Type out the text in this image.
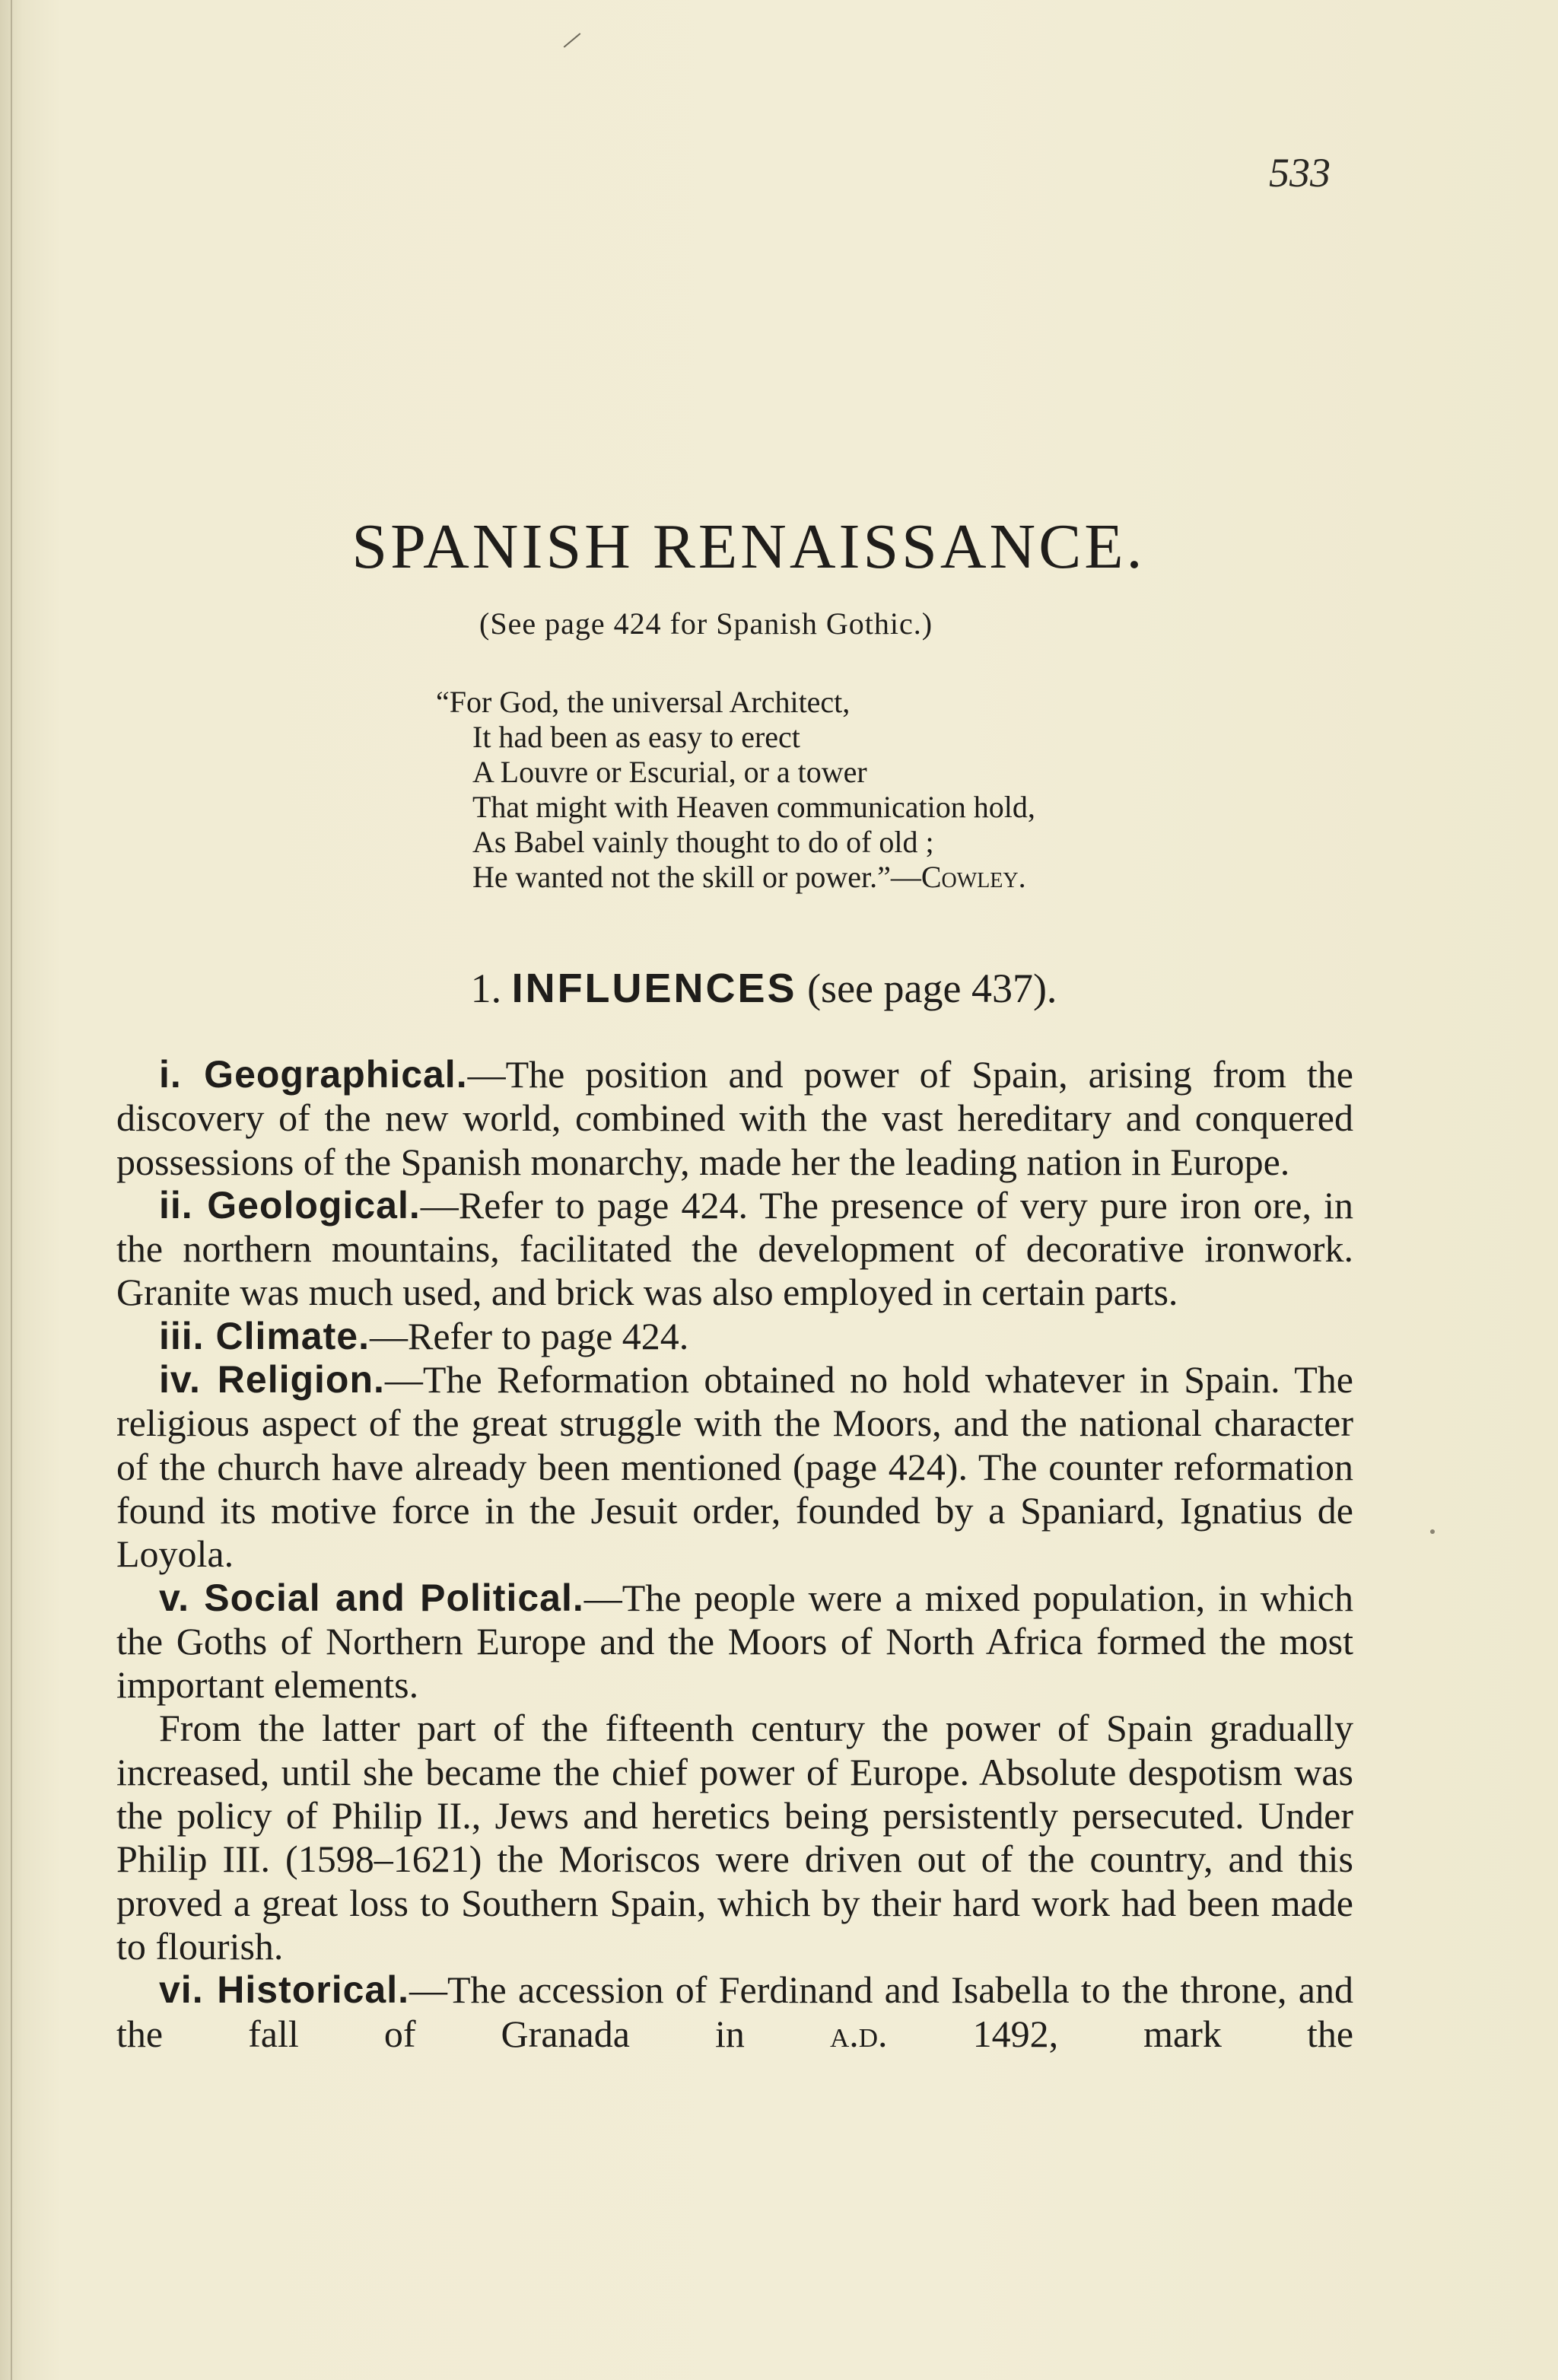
533
SPANISH RENAISSANCE.
(See page 424 for Spanish Gothic.)
“For God, the universal Architect,
It had been as easy to erect
A Louvre or Escurial, or a tower
That might with Heaven communication hold,
As Babel vainly thought to do of old ;
He wanted not the skill or power.”—Cowley.
1. INFLUENCES (see page 437).

i. Geographical.—The position and power of Spain, arising from the discovery of the new world, combined with the vast hereditary and conquered possessions of the Spanish monarchy, made her the leading nation in Europe.

ii. Geological.—Refer to page 424. The presence of very pure iron ore, in the northern mountains, facilitated the development of decorative ironwork. Granite was much used, and brick was also employed in certain parts.

iii. Climate.—Refer to page 424.

iv. Religion.—The Reformation obtained no hold whatever in Spain. The religious aspect of the great struggle with the Moors, and the national character of the church have already been mentioned (page 424). The counter reformation found its motive force in the Jesuit order, founded by a Spaniard, Ignatius de Loyola.

v. Social and Political.—The people were a mixed population, in which the Goths of Northern Europe and the Moors of North Africa formed the most important elements.

From the latter part of the fifteenth century the power of Spain gradually increased, until she became the chief power of Europe. Absolute despotism was the policy of Philip II., Jews and heretics being persistently persecuted. Under Philip III. (1598–1621) the Moriscos were driven out of the country, and this proved a great loss to Southern Spain, which by their hard work had been made to flourish.

vi. Historical.—The accession of Ferdinand and Isabella to the throne, and the fall of Granada in a.d. 1492, mark the
